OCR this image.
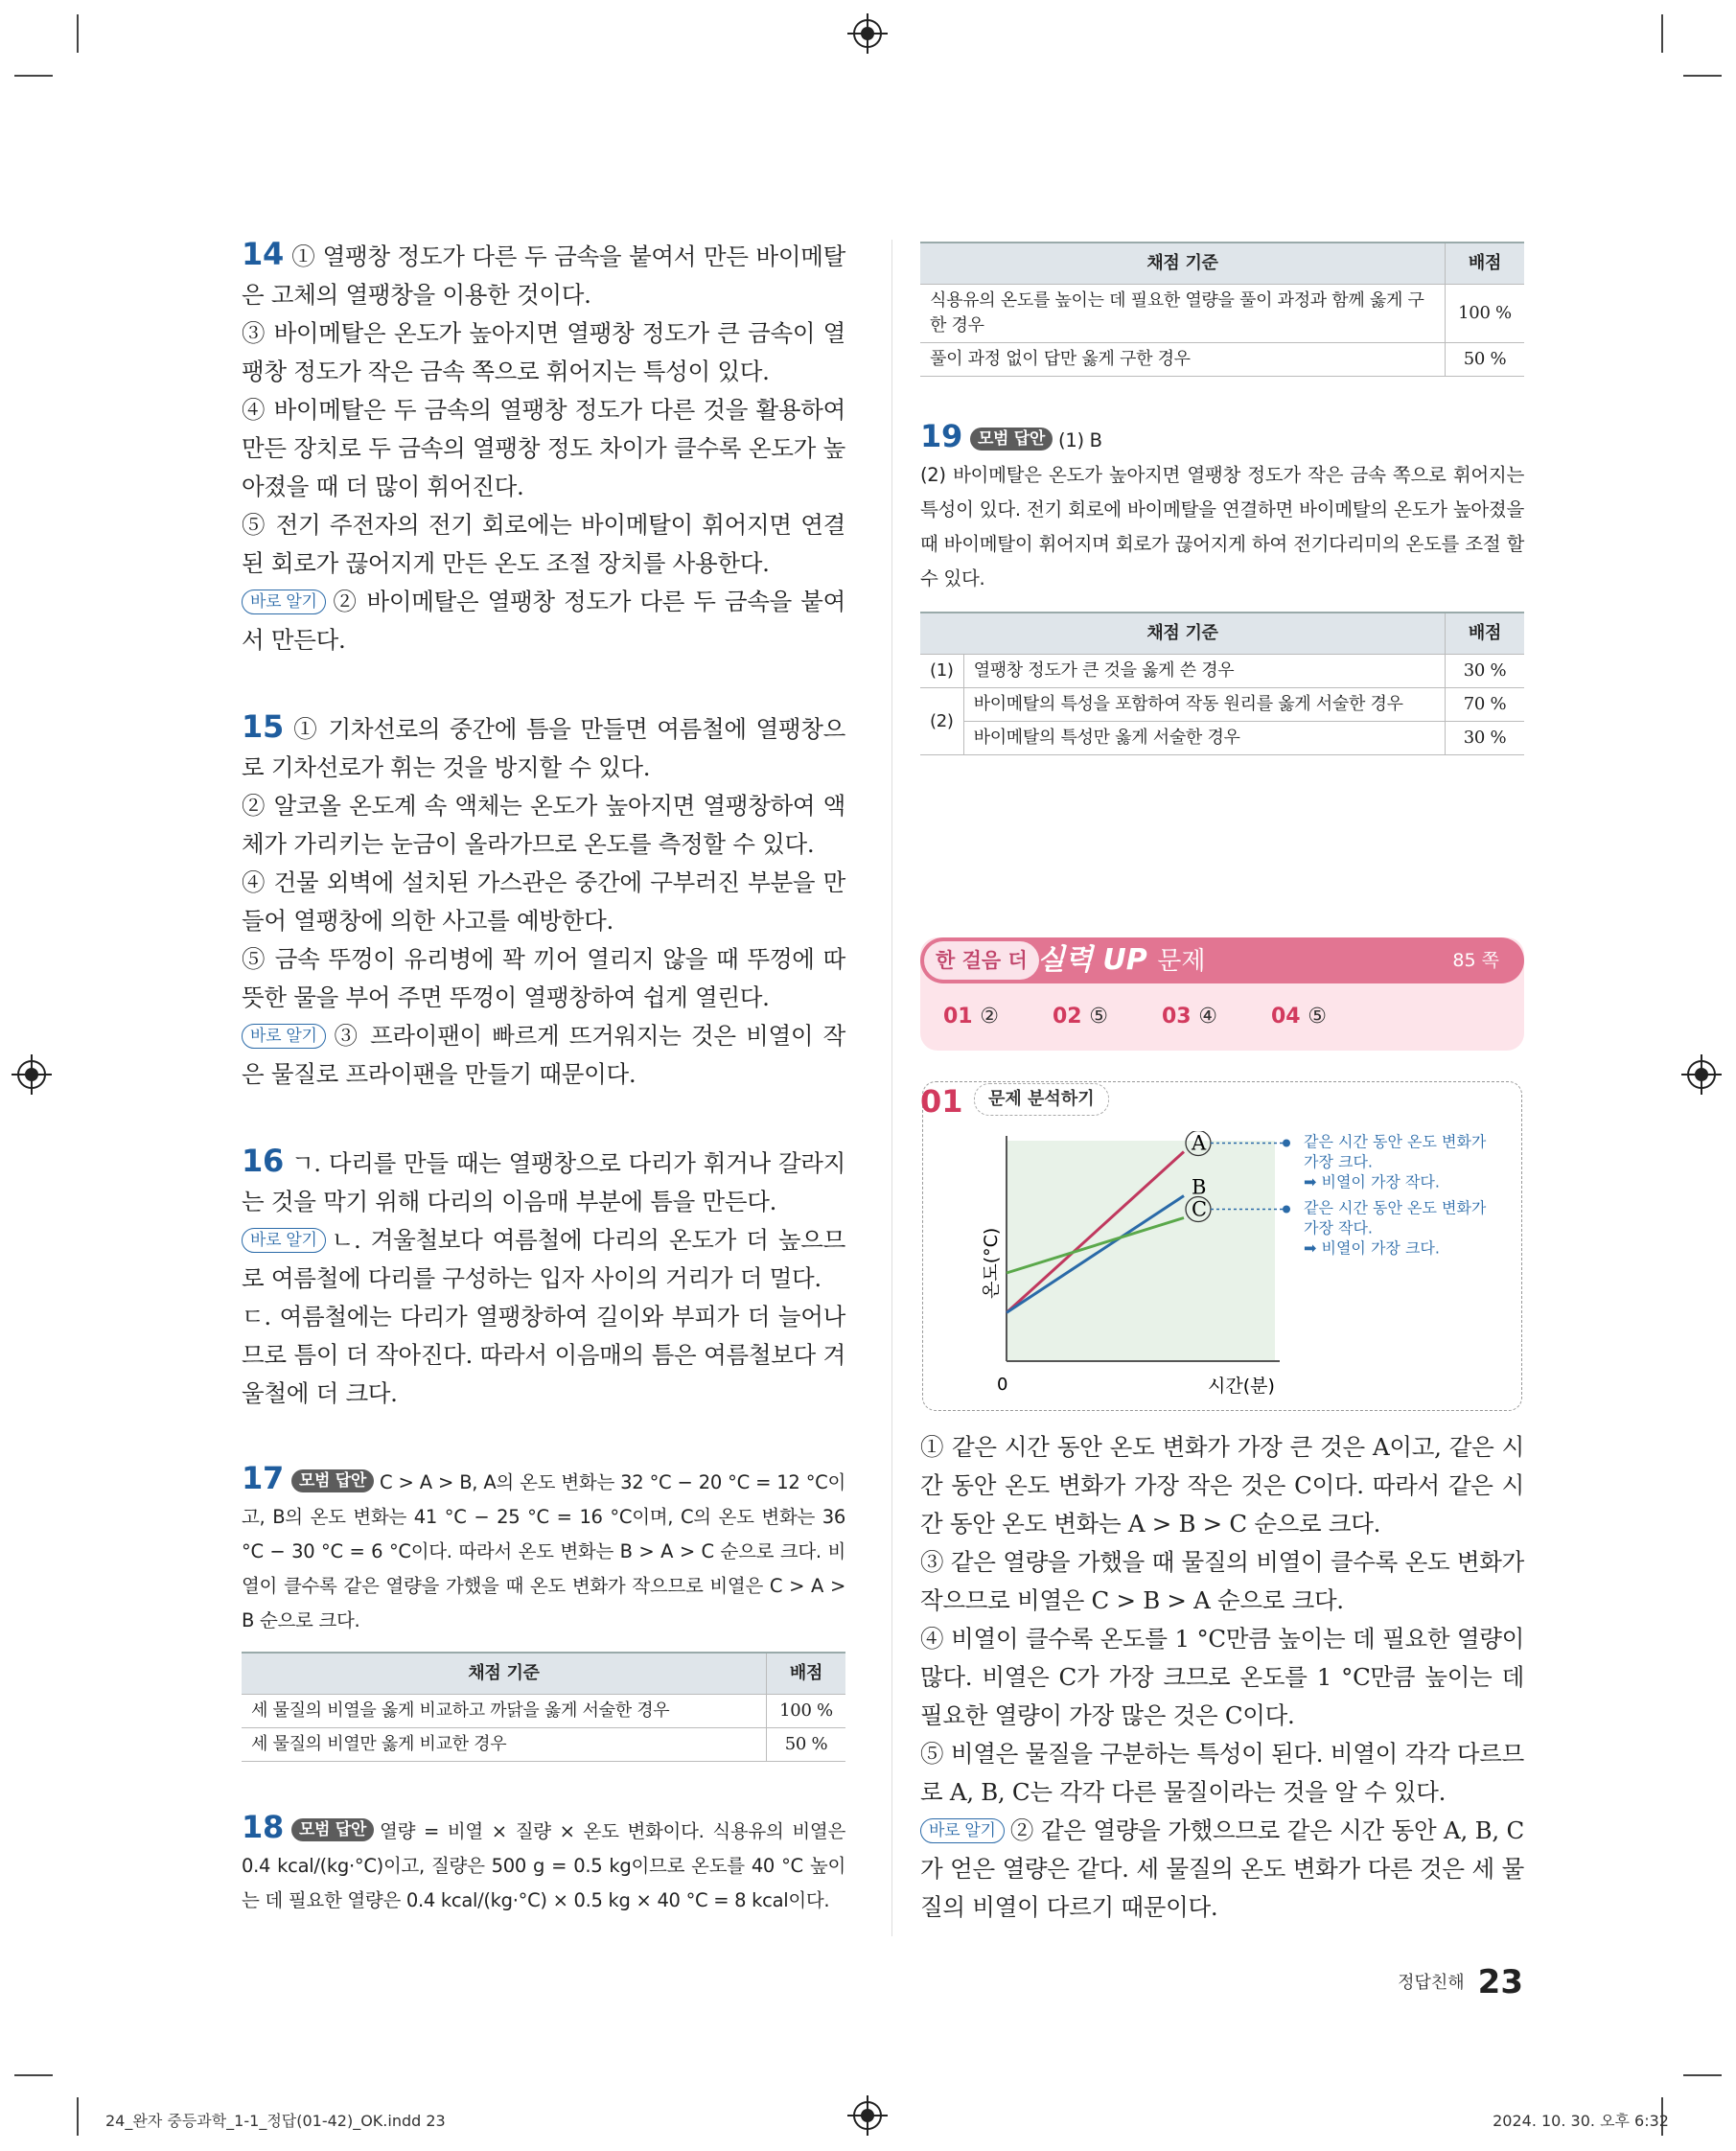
14 ① 열팽창 정도가 다른 두 금속을 붙여서 만든 바이메탈은 고체의 열팽창을 이용한 것이다.

③ 바이메탈은 온도가 높아지면 열팽창 정도가 큰 금속이 열팽창 정도가 작은 금속 쪽으로 휘어지는 특성이 있다.

④ 바이메탈은 두 금속의 열팽창 정도가 다른 것을 활용하여 만든 장치로 두 금속의 열팽창 정도 차이가 클수록 온도가 높아졌을 때 더 많이 휘어진다.

⑤ 전기 주전자의 전기 회로에는 바이메탈이 휘어지면 연결된 회로가 끊어지게 만든 온도 조절 장치를 사용한다.

바로 알기 ② 바이메탈은 열팽창 정도가 다른 두 금속을 붙여서 만든다.

15 ① 기차선로의 중간에 틈을 만들면 여름철에 열팽창으로 기차선로가 휘는 것을 방지할 수 있다.

② 알코올 온도계 속 액체는 온도가 높아지면 열팽창하여 액체가 가리키는 눈금이 올라가므로 온도를 측정할 수 있다.

④ 건물 외벽에 설치된 가스관은 중간에 구부러진 부분을 만들어 열팽창에 의한 사고를 예방한다.

⑤ 금속 뚜껑이 유리병에 꽉 끼어 열리지 않을 때 뚜껑에 따뜻한 물을 부어 주면 뚜껑이 열팽창하여 쉽게 열린다.

바로 알기 ③ 프라이팬이 빠르게 뜨거워지는 것은 비열이 작은 물질로 프라이팬을 만들기 때문이다.

16 ㄱ. 다리를 만들 때는 열팽창으로 다리가 휘거나 갈라지는 것을 막기 위해 다리의 이음매 부분에 틈을 만든다.

바로 알기 ㄴ. 겨울철보다 여름철에 다리의 온도가 더 높으므로 여름철에 다리를 구성하는 입자 사이의 거리가 더 멀다.

ㄷ. 여름철에는 다리가 열팽창하여 길이와 부피가 더 늘어나므로 틈이 더 작아진다. 따라서 이음매의 틈은 여름철보다 겨울철에 더 크다.

17 모범 답안 C > A > B, A의 온도 변화는 32 °C − 20 °C = 12 °C이고, B의 온도 변화는 41 °C − 25 °C = 16 °C이며, C의 온도 변화는 36 °C − 30 °C = 6 °C이다. 따라서 온도 변화는 B > A > C 순으로 크다. 비열이 클수록 같은 열량을 가했을 때 온도 변화가 작으므로 비열은 C > A > B 순으로 크다.

채점 기준	배점
세 물질의 비열을 옳게 비교하고 까닭을 옳게 서술한 경우	100 %
세 물질의 비열만 옳게 비교한 경우	50 %

18 모범 답안 열량 = 비열 × 질량 × 온도 변화이다. 식용유의 비열은 0.4 kcal/(kg·°C)이고, 질량은 500 g = 0.5 kg이므로 온도를 40 °C 높이는 데 필요한 열량은 0.4 kcal/(kg·°C) × 0.5 kg × 40 °C = 8 kcal이다.

채점 기준	배점
식용유의 온도를 높이는 데 필요한 열량을 풀이 과정과 함께 옳게 구한 경우	100 %
풀이 과정 없이 답만 옳게 구한 경우	50 %

19 모범 답안 (1) B

(2) 바이메탈은 온도가 높아지면 열팽창 정도가 작은 금속 쪽으로 휘어지는 특성이 있다. 전기 회로에 바이메탈을 연결하면 바이메탈의 온도가 높아졌을 때 바이메탈이 휘어지며 회로가 끊어지게 하여 전기다리미의 온도를 조절 할 수 있다.

채점 기준		배점
(1)	열팽창 정도가 큰 것을 옳게 쓴 경우	30 %
(2)	바이메탈의 특성을 포함하여 작동 원리를 옳게 서술한 경우	70 %
	바이메탈의 특성만 옳게 서술한 경우	30 %
한 걸음 더 실력 UP 문제	85 쪽
01 ②	02 ⑤	03 ④	04 ⑤
01	문제 분석하기
0	시간(분)
온도(°C)
A
B
C
같은 시간 동안 온도 변화가
가장 크다.
➡ 비열이 가장 작다.
같은 시간 동안 온도 변화가
가장 작다.
➡ 비열이 가장 크다.

① 같은 시간 동안 온도 변화가 가장 큰 것은 A이고, 같은 시간 동안 온도 변화가 가장 작은 것은 C이다. 따라서 같은 시간 동안 온도 변화는 A > B > C 순으로 크다.

③ 같은 열량을 가했을 때 물질의 비열이 클수록 온도 변화가 작으므로 비열은 C > B > A 순으로 크다.

④ 비열이 클수록 온도를 1 °C만큼 높이는 데 필요한 열량이 많다. 비열은 C가 가장 크므로 온도를 1 °C만큼 높이는 데 필요한 열량이 가장 많은 것은 C이다.

⑤ 비열은 물질을 구분하는 특성이 된다. 비열이 각각 다르므로 A, B, C는 각각 다른 물질이라는 것을 알 수 있다.

바로 알기 ② 같은 열량을 가했으므로 같은 시간 동안 A, B, C가 얻은 열량은 같다. 세 물질의 온도 변화가 다른 것은 세 물질의 비열이 다르기 때문이다.

정답친해 23
24_완자 중등과학_1-1_정답(01-42)_OK.indd 23	2024. 10. 30. 오후 6:32
